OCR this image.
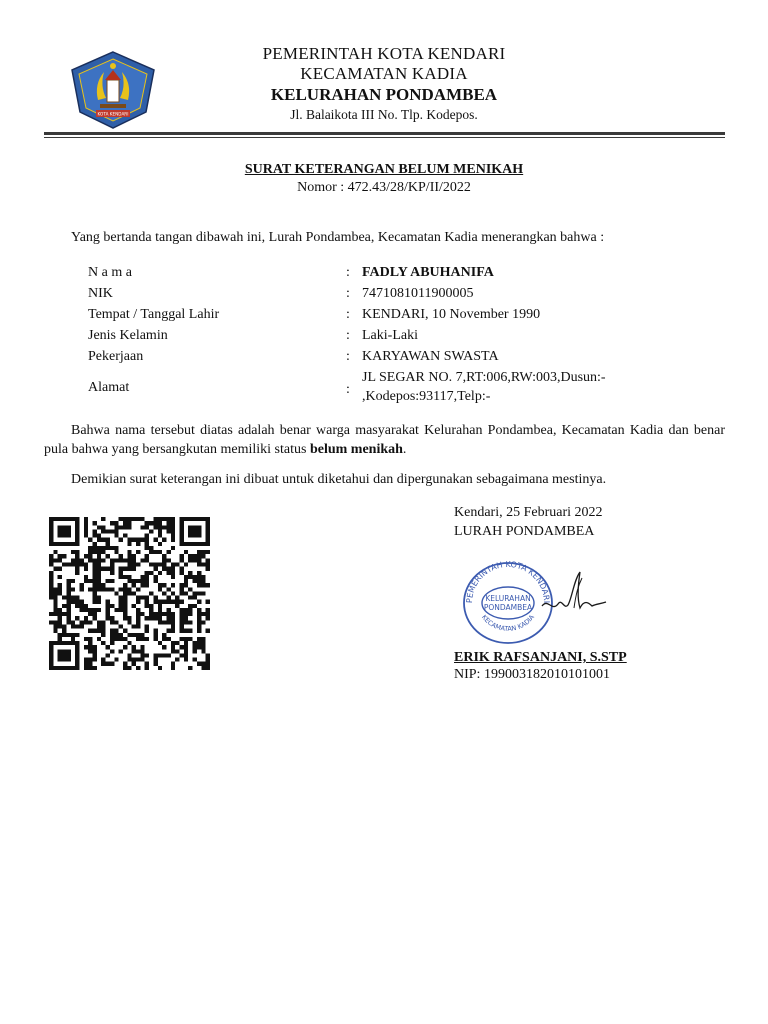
KOTA KENDARI
PEMERINTAH KOTA KENDARI
KECAMATAN KADIA
KELURAHAN PONDAMBEA
Jl. Balaikota III No. Tlp. Kodepos.
SURAT KETERANGAN BELUM MENIKAH
Nomor : 472.43/28/KP/II/2022
Yang bertanda tangan dibawah ini, Lurah Pondambea, Kecamatan Kadia menerangkan bahwa :
N a m a	: FADLY ABUHANIFA
NIK	: 7471081011900005
Tempat / Tanggal Lahir	: KENDARI, 10 November 1990
Jenis Kelamin	: Laki-Laki
Pekerjaan	: KARYAWAN SWASTA
Alamat	:
JL SEGAR NO. 7,RT:006,RW:003,Dusun:-
,Kodepos:93117,Telp:-
Bahwa nama tersebut diatas adalah benar warga masyarakat Kelurahan Pondambea, Kecamatan Kadia dan benar pula bahwa yang bersangkutan memiliki status belum menikah.
Demikian surat keterangan ini dibuat untuk diketahui dan dipergunakan sebagaimana mestinya.
Kendari, 25 Februari 2022
LURAH PONDAMBEA
PEMERINTAH KOTA KENDARI
KECAMATAN KADIA
KELURAHAN
PONDAMBEA
ERIK RAFSANJANI, S.STP
NIP: 199003182010101001
